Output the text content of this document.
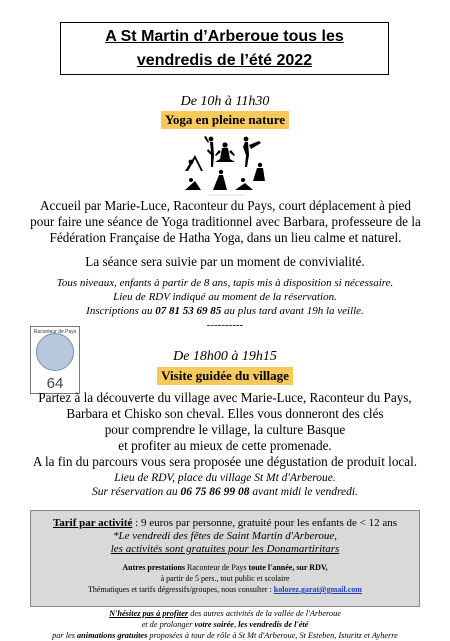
A St Martin d’Arberoue tous les
vendredis de l’été 2022
De 10h à 11h30
Yoga en pleine nature
Accueil par Marie-Luce, Raconteur du Pays, court déplacement à pied pour faire une séance de Yoga traditionnel avec Barbara, professeure de la Fédération Française de Hatha Yoga, dans un lieu calme et naturel.
La séance sera suivie par un moment de convivialité.
Tous niveaux, enfants à partir de 8 ans, tapis mis à disposition si nécessaire.
Lieu de RDV indiqué au moment de la réservation.
Inscriptions au 07 81 53 69 85 au plus tard avant 19h la veille.
----------
Raconteur de Pays
64
De 18h00 à 19h15
Visite guidée du village
Partez à la découverte du village avec Marie-Luce, Raconteur du Pays,
Barbara et Chisko son cheval. Elles vous donneront des clés
pour comprendre le village, la culture Basque
et profiter au mieux de cette promenade.
A la fin du parcours vous sera proposée une dégustation de produit local.
Lieu de RDV, place du village St Mt d'Arberoue.
Sur réservation au 06 75 86 99 08 avant midi le vendredi.
Tarif par activité : 9 euros par personne, gratuité pour les enfants de < 12 ans
*Le vendredi des fêtes de Saint Martin d'Arberoue,
les activités sont gratuites pour les Donamartiritars
Autres prestations Raconteur de Pays toute l'année, sur RDV,
à partir de 5 pers., tout public et scolaire
Thématiques et tarifs dégressifs/groupes, nous consulter : kolorez.garat@gmail.com
N'hésitez pas à profiter des autres activités de la vallée de l'Arberoue
et de prolonger votre soirée, les vendredis de l'été
par les animations gratuites proposées à tour de rôle à St Mt d'Arberoue, St Esteben, Isturitz et Ayherre
